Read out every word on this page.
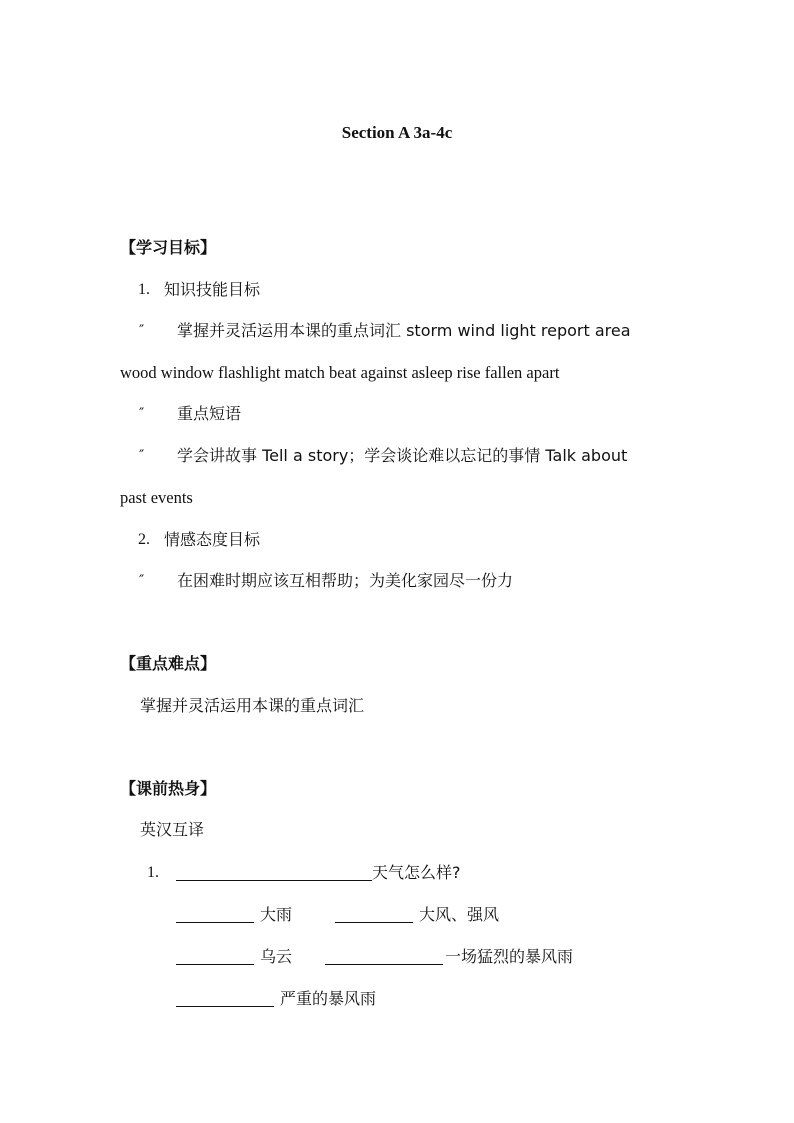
Section A 3a-4c
【学习目标】
1. 知识技能目标
″ 掌握并灵活运用本课的重点词汇 storm wind light report area
wood window flashlight match beat against asleep rise fallen apart
″ 重点短语
″ 学会讲故事 Tell a story；学会谈论难以忘记的事情 Talk about
past events
2. 情感态度目标
″ 在困难时期应该互相帮助；为美化家园尽一份力
【重点难点】
掌握并灵活运用本课的重点词汇
【课前热身】
英汉互译
1.	天气怎么样?
大雨	大风、强风
乌云	一场猛烈的暴风雨
严重的暴风雨
